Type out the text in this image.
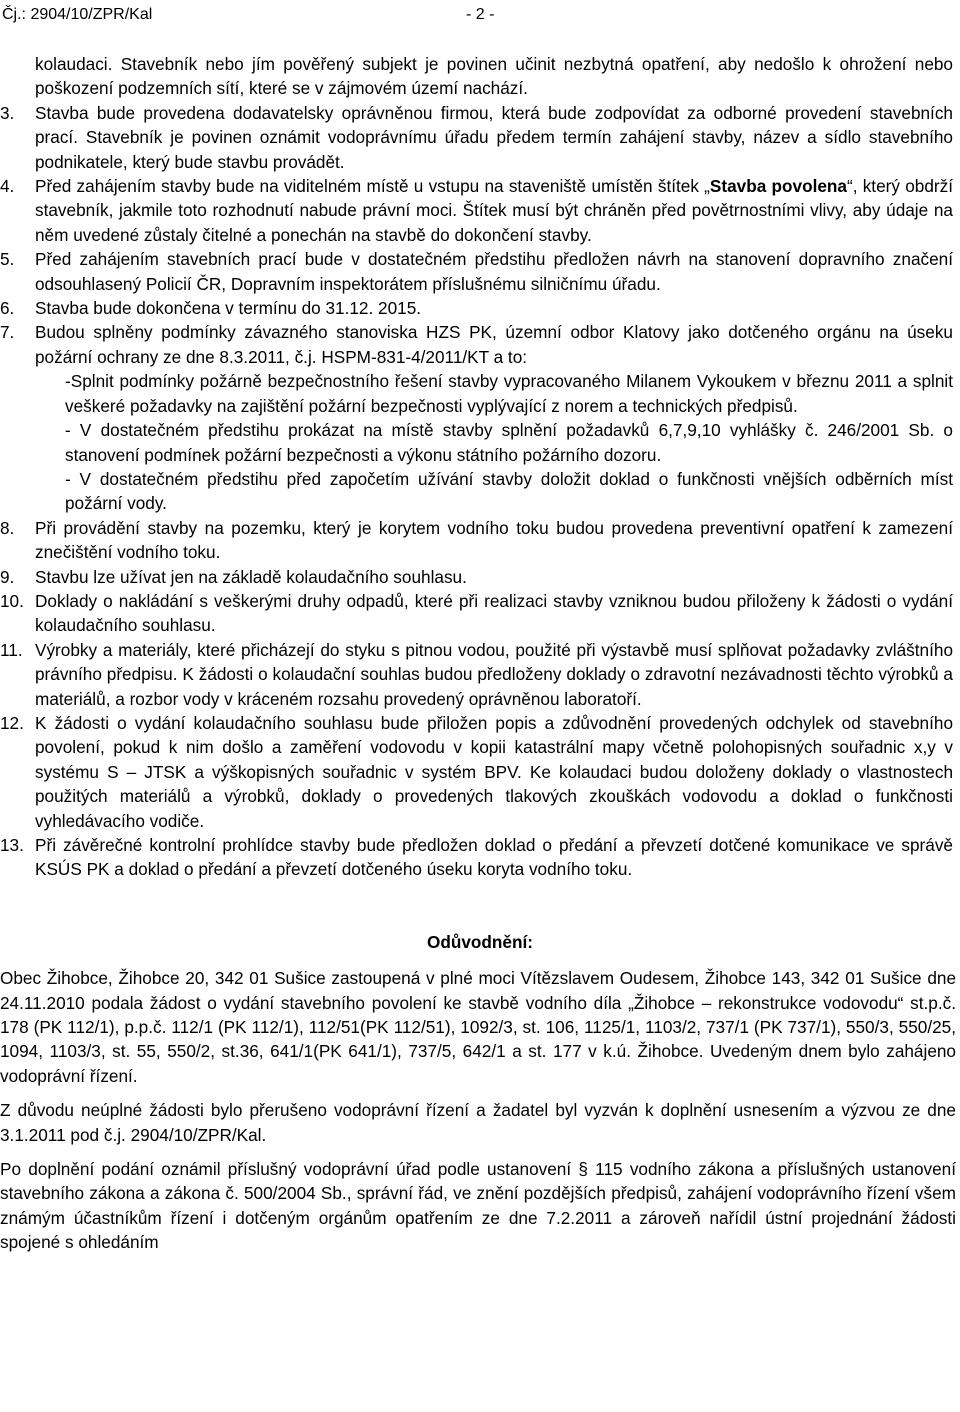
Čj.: 2904/10/ZPR/Kal	- 2 -

kolaudaci. Stavebník nebo jím pověřený subjekt je povinen učinit nezbytná opatření, aby nedošlo k ohrožení nebo poškození podzemních sítí, které se v zájmovém území nachází.

3.	Stavba bude provedena dodavatelsky oprávněnou firmou, která bude zodpovídat za odborné provedení stavebních prací. Stavebník je povinen oznámit vodoprávnímu úřadu předem termín zahájení stavby, název a sídlo stavebního podnikatele, který bude stavbu provádět.

4.	Před zahájením stavby bude na viditelném místě u vstupu na staveniště umístěn štítek „Stavba povolena“, který obdrží stavebník, jakmile toto rozhodnutí nabude právní moci. Štítek musí být chráněn před povětrnostními vlivy, aby údaje na něm uvedené zůstaly čitelné a ponechán na stavbě do dokončení stavby.

5.	Před zahájením stavebních prací bude v dostatečném předstihu předložen návrh na stanovení dopravního značení odsouhlasený Policií ČR, Dopravním inspektorátem příslušnému silničnímu úřadu.

6.	Stavba bude dokončena v termínu do 31.12. 2015.

7.	Budou splněny podmínky závazného stanoviska HZS PK, územní odbor Klatovy jako dotčeného orgánu na úseku požární ochrany ze dne 8.3.2011, č.j. HSPM-831-4/2011/KT a to:

-Splnit podmínky požárně bezpečnostního řešení stavby vypracovaného Milanem Vykoukem v březnu 2011 a splnit veškeré požadavky na zajištění požární bezpečnosti vyplývající z norem a technických předpisů.

- V dostatečném předstihu prokázat na místě stavby splnění požadavků 6,7,9,10 vyhlášky č. 246/2001 Sb. o stanovení podmínek požární bezpečnosti a výkonu státního požárního dozoru.

- V dostatečném předstihu před započetím užívání stavby doložit doklad o funkčnosti vnějších odběrních míst požární vody.

8.	Při provádění stavby na pozemku, který je korytem vodního toku budou provedena preventivní opatření k zamezení znečištění vodního toku.

9.	Stavbu lze užívat jen na základě kolaudačního souhlasu.

10. Doklady o nakládání s veškerými druhy odpadů, které při realizaci stavby vzniknou budou přiloženy k žádosti o vydání kolaudačního souhlasu.

11. Výrobky a materiály, které přicházejí do styku s pitnou vodou, použité při výstavbě musí splňovat požadavky zvláštního právního předpisu. K žádosti o kolaudační souhlas budou předloženy doklady o zdravotní nezávadnosti těchto výrobků a materiálů, a rozbor vody v kráceném rozsahu provedený oprávněnou laboratoří.

12. K žádosti o vydání kolaudačního souhlasu bude přiložen popis a zdůvodnění provedených odchylek od stavebního povolení, pokud k nim došlo a zaměření vodovodu v kopii katastrální mapy včetně polohopisných souřadnic x,y v systému S – JTSK a výškopisných souřadnic v systém BPV. Ke kolaudaci budou doloženy doklady o vlastnostech použitých materiálů a výrobků, doklady o provedených tlakových zkouškách vodovodu a doklad o funkčnosti vyhledávacího vodiče.

13. Při závěrečné kontrolní prohlídce stavby bude předložen doklad o předání a převzetí dotčené komunikace ve správě KSÚS PK a doklad o předání a převzetí dotčeného úseku koryta vodního toku.

Odůvodnění:

Obec Žihobce, Žihobce 20, 342 01 Sušice zastoupená v plné moci Vítězslavem Oudesem, Žihobce 143, 342 01 Sušice dne 24.11.2010 podala žádost o vydání stavebního povolení ke stavbě vodního díla „Žihobce – rekonstrukce vodovodu“ st.p.č. 178 (PK 112/1), p.p.č. 112/1 (PK 112/1), 112/51(PK 112/51), 1092/3, st. 106, 1125/1, 1103/2, 737/1 (PK 737/1), 550/3, 550/25, 1094, 1103/3, st. 55, 550/2, st.36, 641/1(PK 641/1), 737/5, 642/1 a st. 177 v k.ú. Žihobce. Uvedeným dnem bylo zahájeno vodoprávní řízení.

Z důvodu neúplné žádosti bylo přerušeno vodoprávní řízení a žadatel byl vyzván k doplnění usnesením a výzvou ze dne 3.1.2011 pod č.j. 2904/10/ZPR/Kal.

Po doplnění podání oznámil příslušný vodoprávní úřad podle ustanovení § 115 vodního zákona a příslušných ustanovení stavebního zákona a zákona č. 500/2004 Sb., správní řád, ve znění pozdějších předpisů, zahájení vodoprávního řízení všem známým účastníkům řízení i dotčeným orgánům opatřením ze dne 7.2.2011 a zároveň nařídil ústní projednání žádosti spojené s ohledáním
